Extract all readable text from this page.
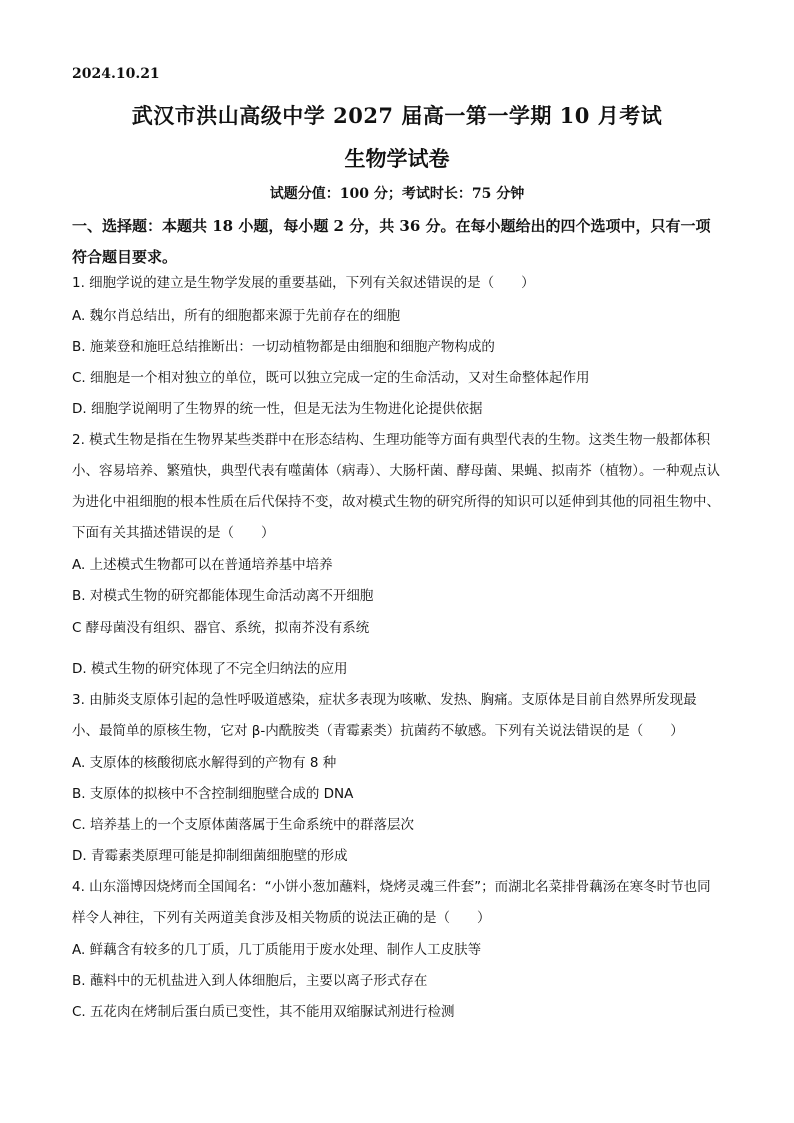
2024.10.21
武汉市洪山高级中学 2027 届高一第一学期 10 月考试
生物学试卷
试题分值：100 分；考试时长：75 分钟
一、选择题：本题共 18 小题，每小题 2 分，共 36 分。在每小题给出的四个选项中，只有一项符合题目要求。
1. 细胞学说的建立是生物学发展的重要基础，下列有关叙述错误的是（　　）
A. 魏尔肖总结出，所有的细胞都来源于先前存在的细胞
B. 施莱登和施旺总结推断出：一切动植物都是由细胞和细胞产物构成的
C. 细胞是一个相对独立的单位，既可以独立完成一定的生命活动，又对生命整体起作用
D. 细胞学说阐明了生物界的统一性，但是无法为生物进化论提供依据
2. 模式生物是指在生物界某些类群中在形态结构、生理功能等方面有典型代表的生物。这类生物一般都体积小、容易培养、繁殖快，典型代表有噬菌体（病毒）、大肠杆菌、酵母菌、果蝇、拟南芥（植物）。一种观点认为进化中祖细胞的根本性质在后代保持不变，故对模式生物的研究所得的知识可以延伸到其他的同祖生物中、下面有关其描述错误的是（　　）
A. 上述模式生物都可以在普通培养基中培养
B. 对模式生物的研究都能体现生命活动离不开细胞
C 酵母菌没有组织、器官、系统，拟南芥没有系统
D. 模式生物的研究体现了不完全归纳法的应用
3. 由肺炎支原体引起的急性呼吸道感染，症状多表现为咳嗽、发热、胸痛。支原体是目前自然界所发现最小、最简单的原核生物，它对 β-内酰胺类（青霉素类）抗菌药不敏感。下列有关说法错误的是（　　）
A. 支原体的核酸彻底水解得到的产物有 8 种
B. 支原体的拟核中不含控制细胞壁合成的 DNA
C. 培养基上的一个支原体菌落属于生命系统中的群落层次
D. 青霉素类原理可能是抑制细菌细胞壁的形成
4. 山东淄博因烧烤而全国闻名：“小饼小葱加蘸料，烧烤灵魂三件套”；而湖北名菜排骨藕汤在寒冬时节也同样令人神往，下列有关两道美食涉及相关物质的说法正确的是（　　）
A. 鲜藕含有较多的几丁质，几丁质能用于废水处理、制作人工皮肤等
B. 蘸料中的无机盐进入到人体细胞后，主要以离子形式存在
C. 五花肉在烤制后蛋白质已变性，其不能用双缩脲试剂进行检测
